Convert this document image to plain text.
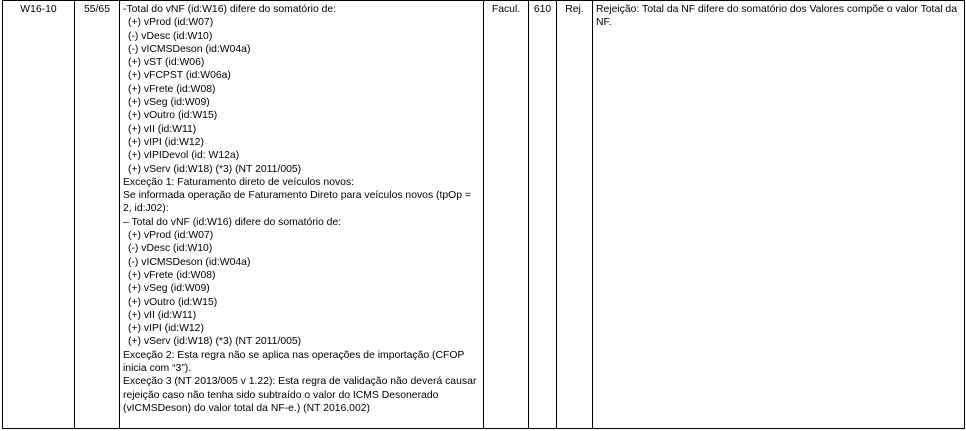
W16-10	55/65	-Total do vNF (id:W16) difere do somatório de:
(+) vProd (id:W07)
(-) vDesc (id:W10)
(-) vICMSDeson (id:W04a)
(+) vST (id:W06)
(+) vFCPST (id:W06a)
(+) vFrete (id:W08)
(+) vSeg (id:W09)
(+) vOutro (id:W15)
(+) vII (id:W11)
(+) vIPI (id:W12)
(+) vIPIDevol (id: W12a)
(+) vServ (id:W18) (*3) (NT 2011/005)
Exceção 1: Faturamento direto de veículos novos:
Se informada operação de Faturamento Direto para veículos novos (tpOp = 2, id:J02):
– Total do vNF (id:W16) difere do somatório de:
(+) vProd (id:W07)
(-) vDesc (id:W10)
(-) vICMSDeson (id:W04a)
(+) vFrete (id:W08)
(+) vSeg (id:W09)
(+) vOutro (id:W15)
(+) vII (id:W11)
(+) vIPI (id:W12)
(+) vServ (id:W18) (*3) (NT 2011/005)
Exceção 2: Esta regra não se aplica nas operações de importação (CFOP inicia com “3”).
Exceção 3 (NT 2013/005 v 1.22): Esta regra de validação não deverá causar rejeição caso não tenha sido subtraído o valor do ICMS Desonerado (vICMSDeson) do valor total da NF-e.) (NT 2016.002)
	Facul.	610	Rej.	Rejeição: Total da NF difere do somatório dos Valores compõe o valor Total da NF.
